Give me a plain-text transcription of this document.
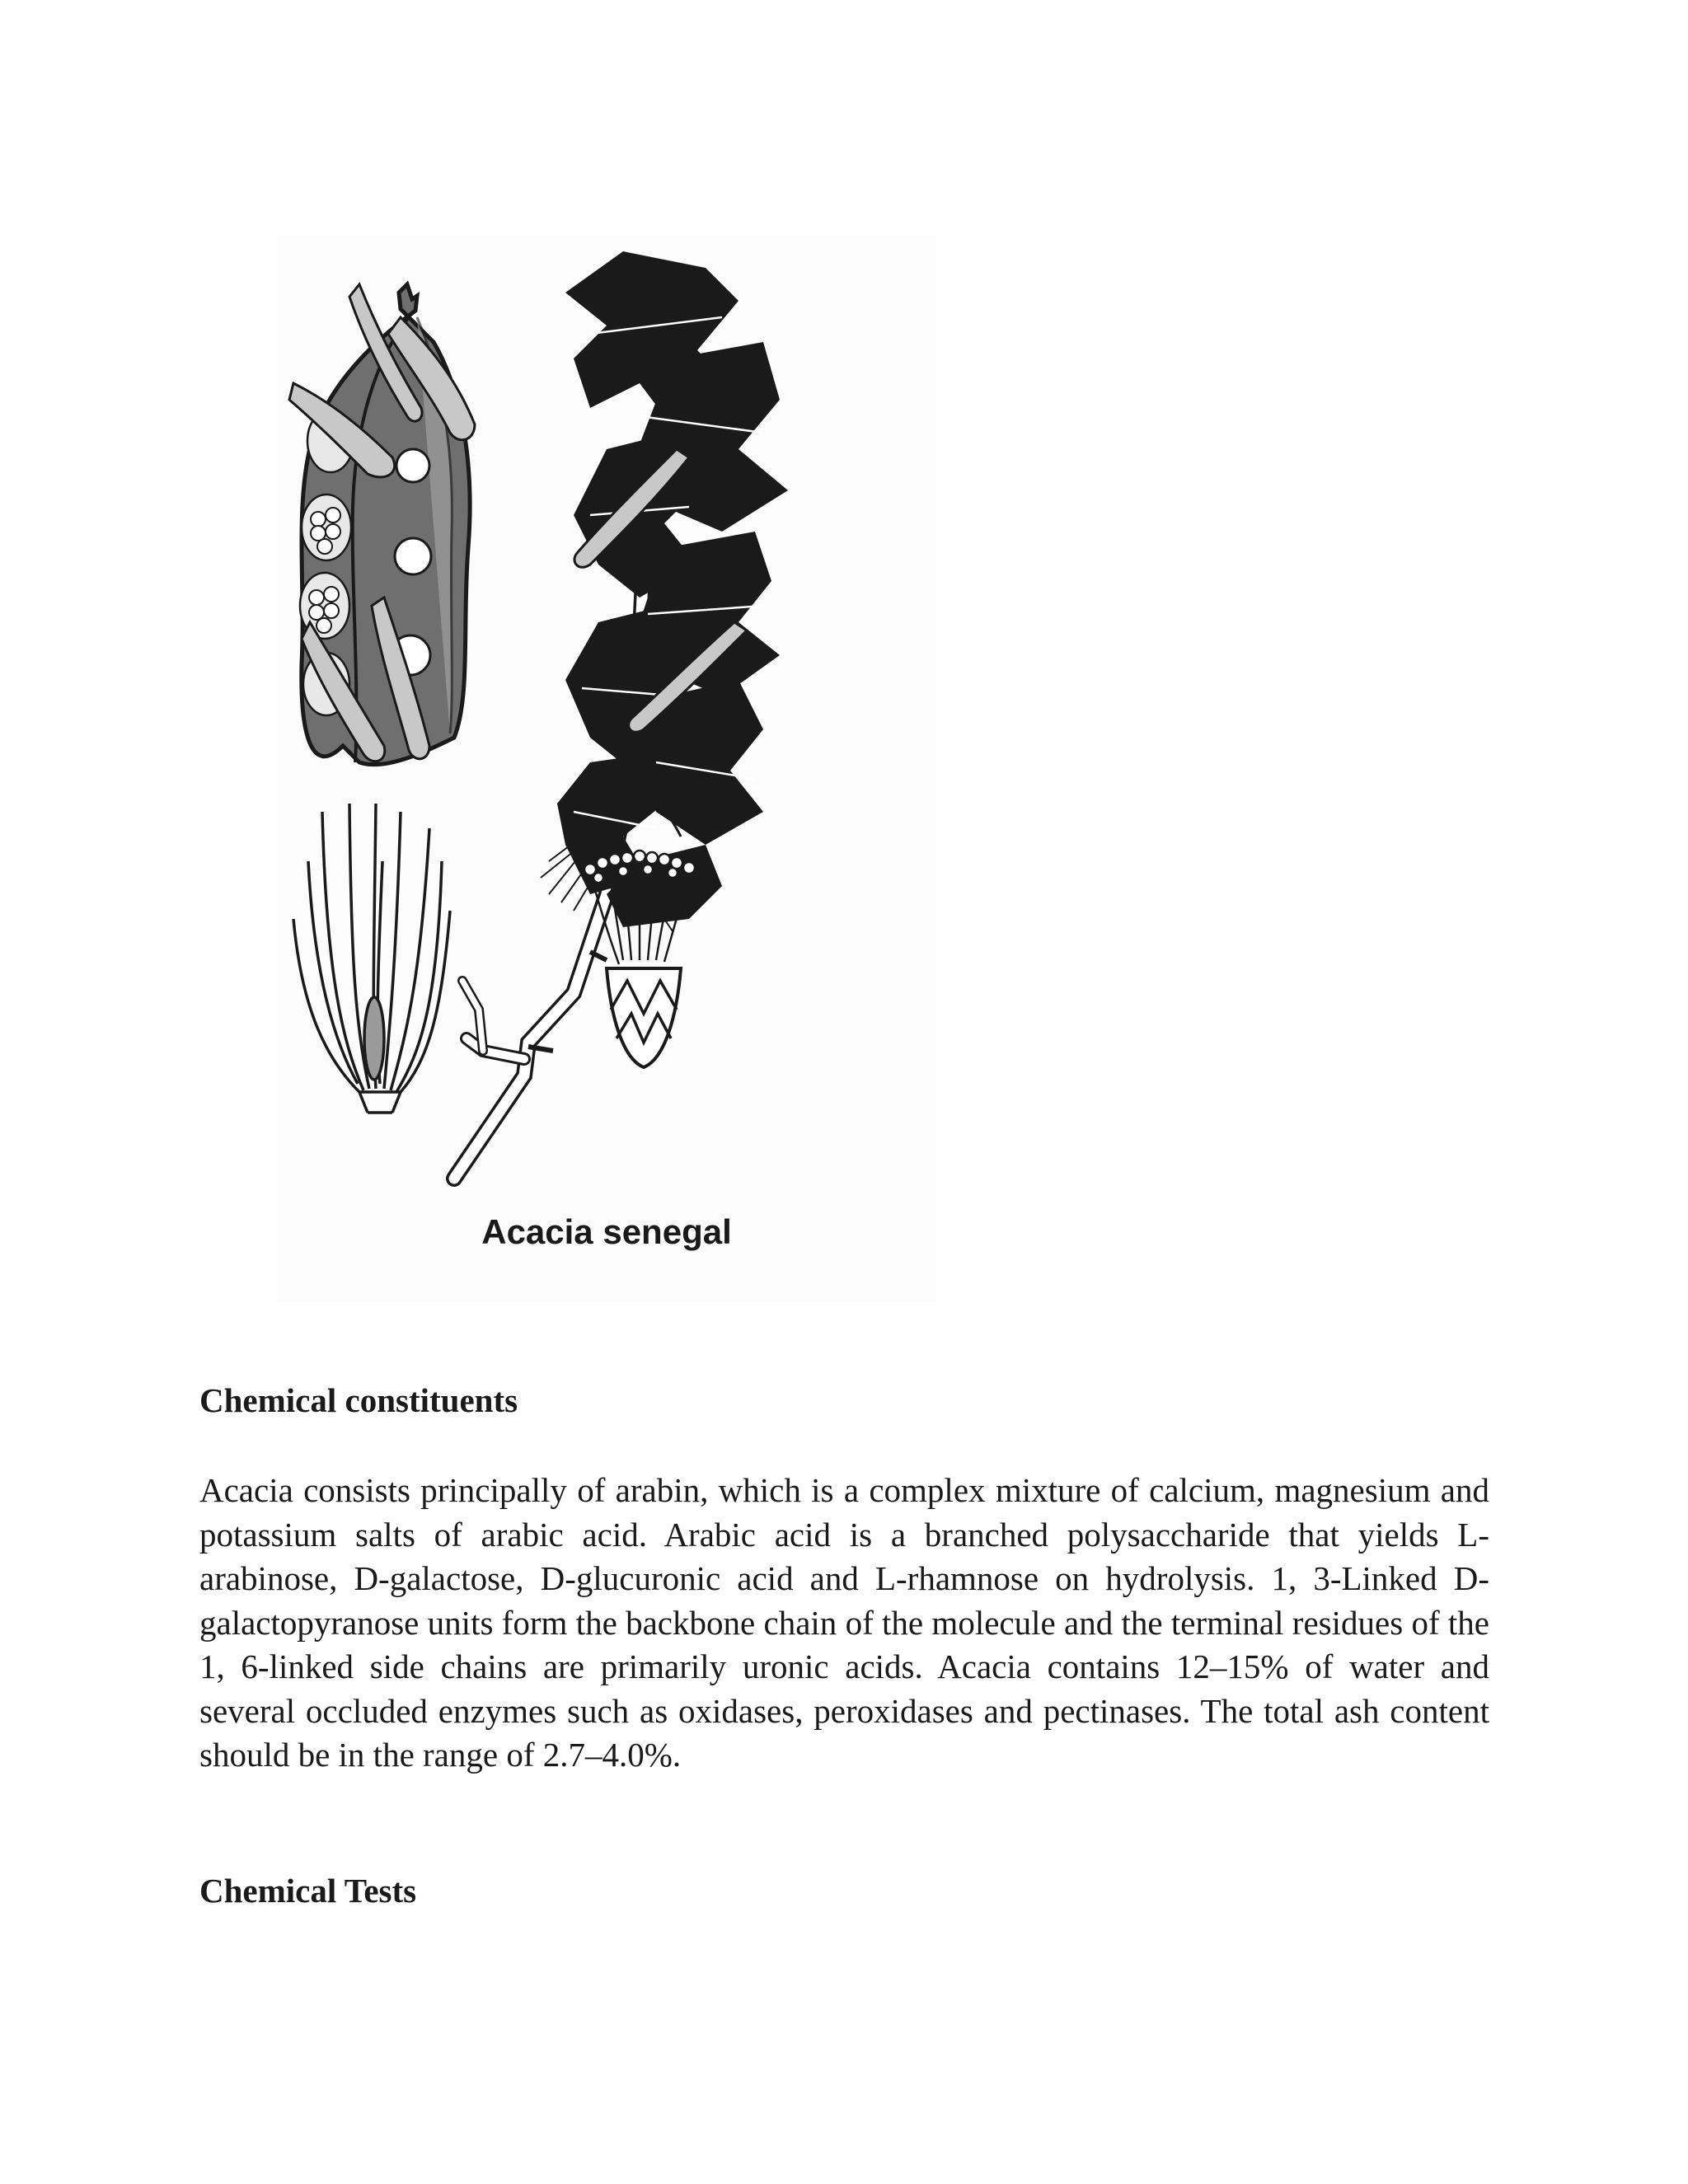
Acacia senegal
Chemical constituents

Acacia consists principally of arabin, which is a complex mixture of calcium, magnesium and potassium salts of arabic acid. Arabic acid is a branched polysaccharide that yields L-arabinose, D-galactose, D-glucuronic acid and L-rhamnose on hydrolysis. 1, 3-Linked D-galactopyranose units form the backbone chain of the molecule and the terminal residues of the 1, 6-linked side chains are primarily uronic acids. Acacia contains 12–15% of water and several occluded enzymes such as oxidases, peroxidases and pectinases. The total ash content should be in the range of 2.7–4.0%.

Chemical Tests
